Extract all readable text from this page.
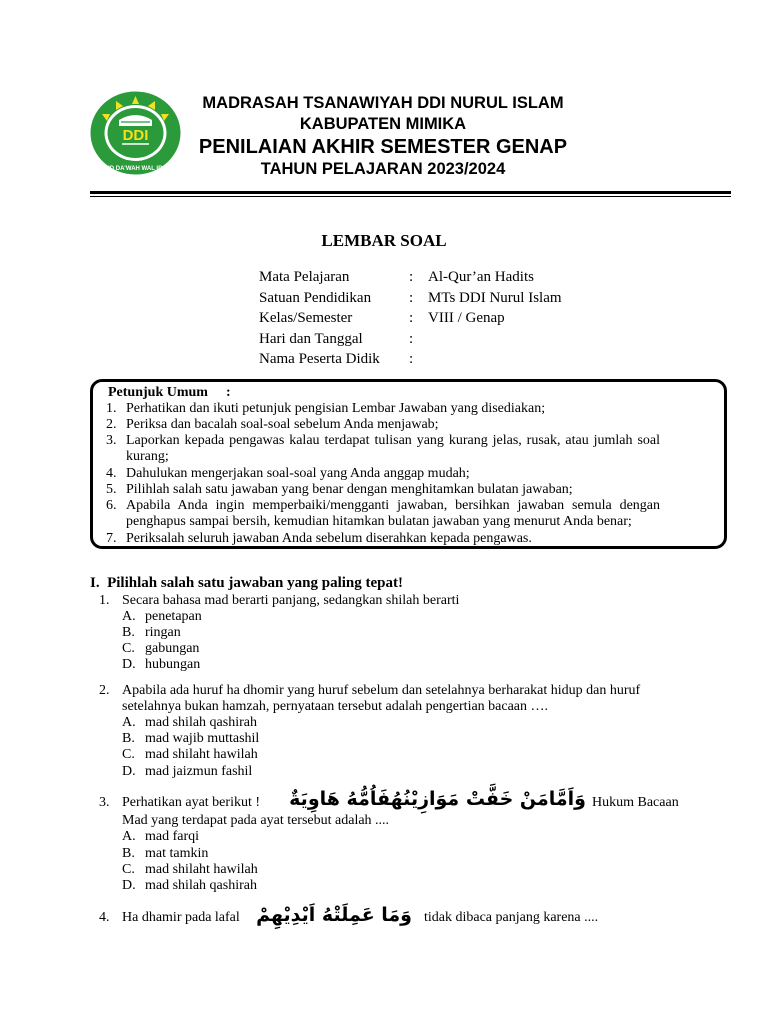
DDI
DARUD DA'WAH WAL IRSYAD
MADRASAH TSANAWIYAH DDI NURUL ISLAM
KABUPATEN MIMIKA
PENILAIAN AKHIR SEMESTER GENAP
TAHUN PELAJARAN 2023/2024
LEMBAR SOAL
Mata Pelajaran	: Al-Qur’an Hadits
Satuan Pendidikan	: MTs DDI Nurul Islam
Kelas/Semester	: VIII / Genap
Hari dan Tanggal	:
Nama Peserta Didik :
Petunjuk Umum :
1. Perhatikan dan ikuti petunjuk pengisian Lembar Jawaban yang disediakan;
2. Periksa dan bacalah soal-soal sebelum Anda menjawab;
3. Laporkan kepada pengawas kalau terdapat tulisan yang kurang jelas, rusak, atau jumlah soal
kurang;
4. Dahulukan mengerjakan soal-soal yang Anda anggap mudah;
5. Pilihlah salah satu jawaban yang benar dengan menghitamkan bulatan jawaban;
6. Apabila Anda ingin memperbaiki/mengganti jawaban, bersihkan jawaban semula dengan
penghapus sampai bersih, kemudian hitamkan bulatan jawaban yang menurut Anda benar;
7. Periksalah seluruh jawaban Anda sebelum diserahkan kepada pengawas.
I. Pilihlah salah satu jawaban yang paling tepat!
1. Secara bahasa mad berarti panjang, sedangkan shilah berarti
A. penetapan
B. ringan
C. gabungan
D. hubungan
2. Apabila ada huruf ha dhomir yang huruf sebelum dan setelahnya berharakat hidup dan huruf
setelahnya bukan hamzah, pernyataan tersebut adalah pengertian bacaan ….
A. mad shilah qashirah
B. mad wajib muttashil
C. mad shilaht hawilah
D. mad jaizmun fashil
3. Perhatikan ayat berikut !	وَاَمَّامَنْ خَفَّتْ مَوَازِيْنُهُفَاُمُّهُ هَاوِيَةٌ Hukum Bacaan
Mad yang terdapat pada ayat tersebut adalah ....
A. mad farqi
B. mat tamkin
C. mad shilaht hawilah
D. mad shilah qashirah
4. Ha dhamir pada lafal وَمَا عَمِلَتْهُ اَيْدِيْهِمْ tidak dibaca panjang karena ....
